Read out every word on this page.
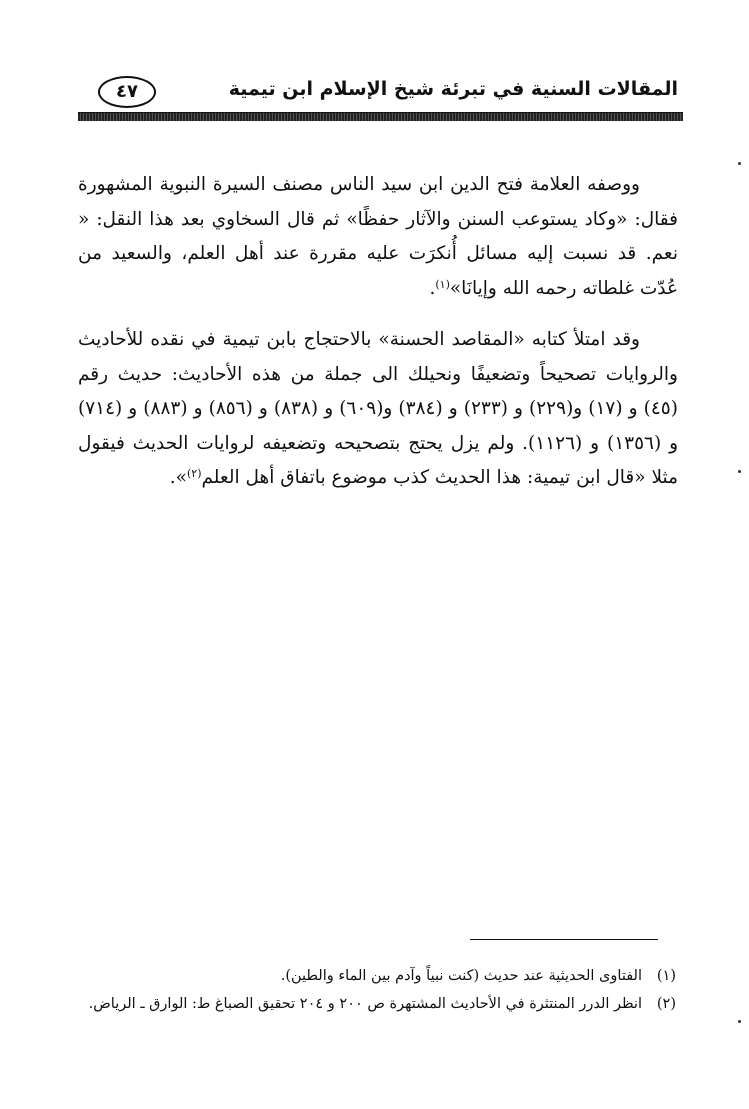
المقالات السنية في تبرئة شيخ الإسلام ابن تيمية
٤٧

ووصفه العلامة فتح الدين ابن سيد الناس مصنف السيرة النبوية المشهورة فقال: «وكاد يستوعب السنن والآثار حفظًا» ثم قال السخاوي بعد هذا النقل: « نعم. قد نسبت إليه مسائل أُنكرَت عليه مقررة عند أهل العلم، والسعيد من عُدّت غلطاته رحمه الله وإيانَا»$^{(١)}$.

وقد امتلأ كتابه «المقاصد الحسنة» بالاحتجاج بابن تيمية في نقده للأحاديث والروايات تصحيحاً وتضعيفًا ونحيلك الى جملة من هذه الأحاديث: حديث رقم (٤٥) و (١٧) و(٢٢٩) و (٢٣٣) و (٣٨٤) و(٦٠٩) و (٨٣٨) و (٨٥٦) و (٨٨٣) و (٧١٤) و (١٣٥٦) و (١١٢٦). ولم يزل يحتج بتصحيحه وتضعيفه لروايات الحديث فيقول مثلا «قال ابن تيمية: هذا الحديث كذب موضوع باتفاق أهل العلم$^{(٢)}$».

(١)
الفتاوى الحديثية عند حديث (كنت نبياً وآدم بين الماء والطين).
(٢)
انظر الدرر المنتثرة في الأحاديث المشتهرة ص ٢٠٠ و ٢٠٤ تحقيق الصباغ ط: الوارق ـ الرياض.
